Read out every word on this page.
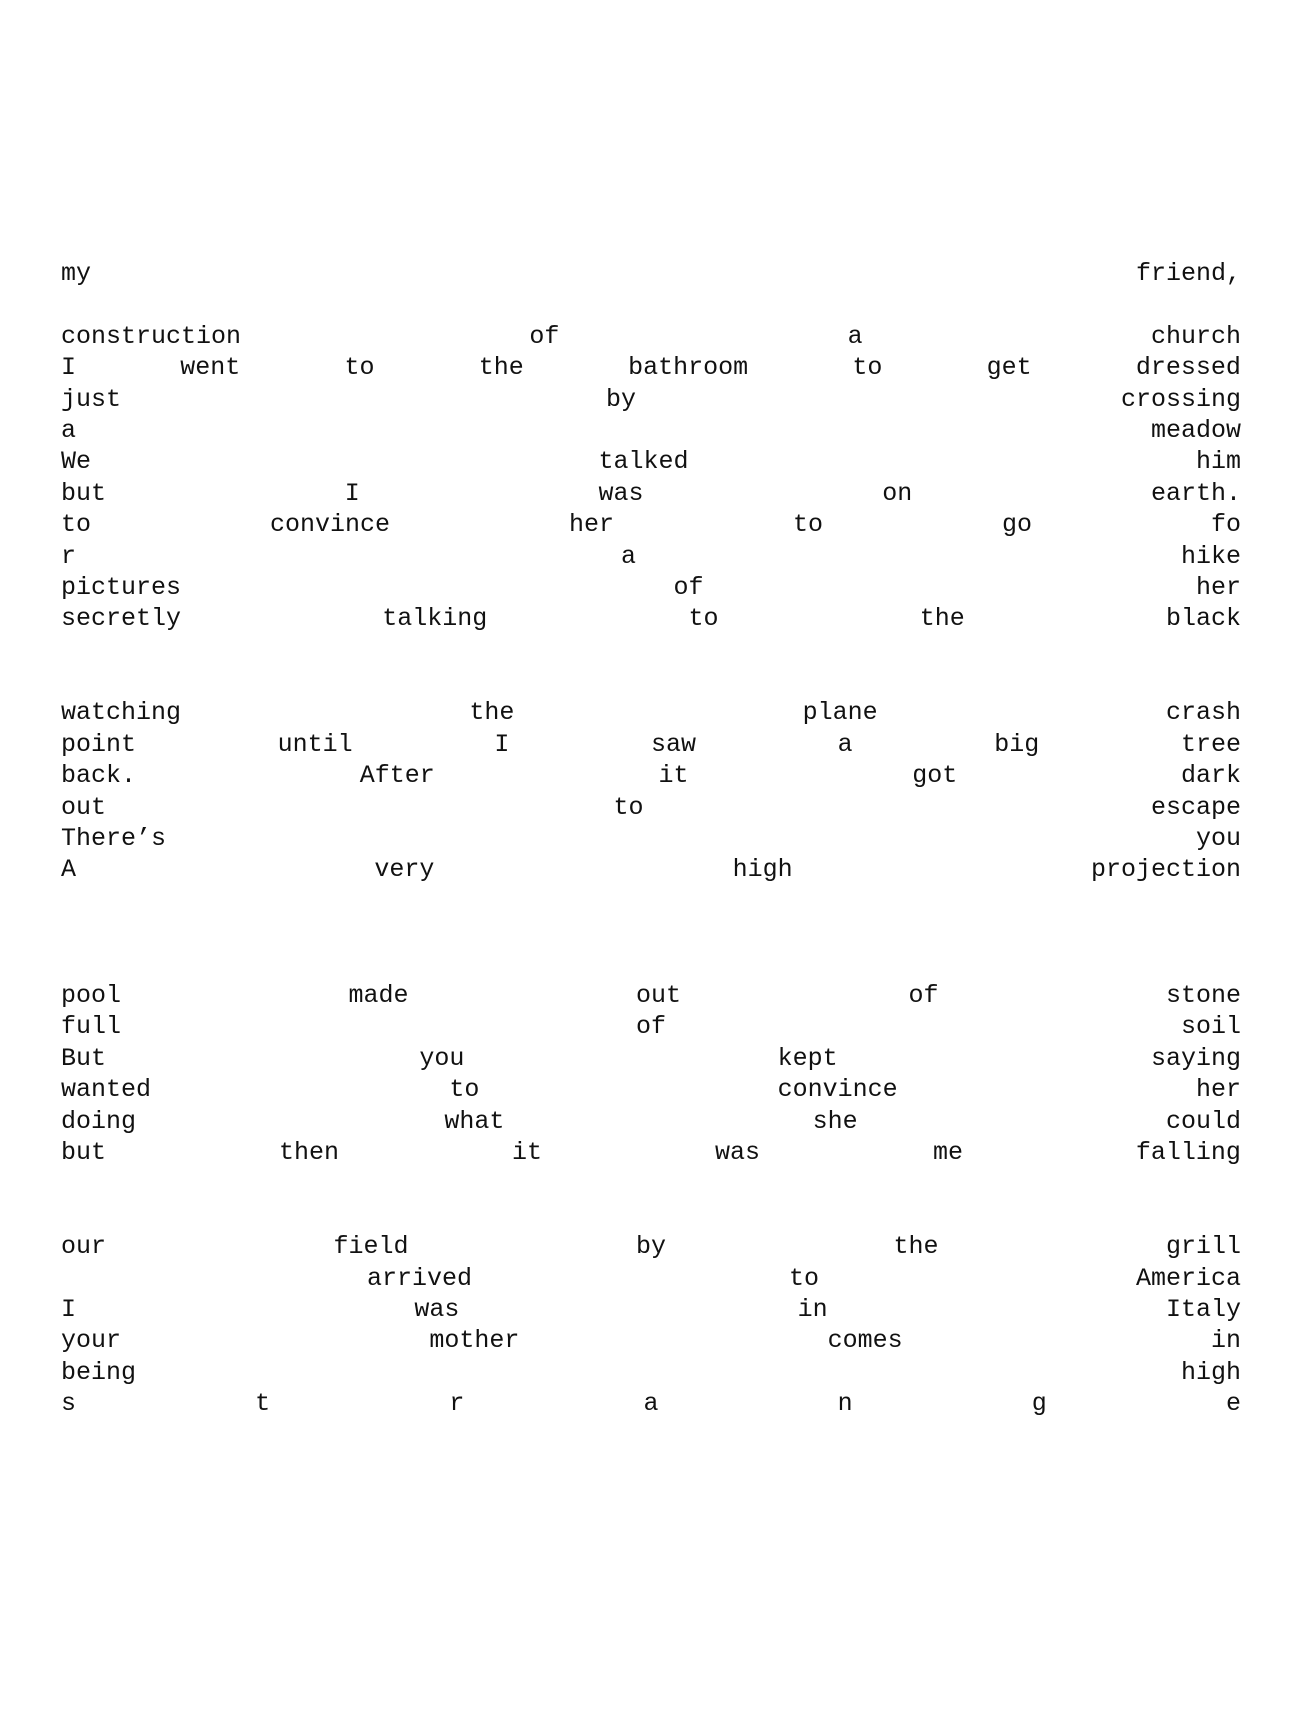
my	friend,
construction	of	a	church
I	went	to	the	bathroom	to	get	dressed
just	by	crossing
a	meadow
We	talked	him
but	I	was	on	earth.
to	convince	her	to	go	fo
r	a	hike
pictures	of	her
secretly	talking	to	the	black
watching	the	plane	crash
point	until	I	saw	a	big	tree
back.	After	it	got	dark
out	to	escape
There’s	you
A	very	high	projection
pool	made	out	of	stone
full	of	soil
But	you	kept	saying
wanted	to	convince	her
doing	what	she	could
but	then	it	was	me	falling
our	field	by	the	grill
arrived	to	America
I	was	in	Italy
your	mother	comes	in
being	high
s	t	r	a	n	g	e
